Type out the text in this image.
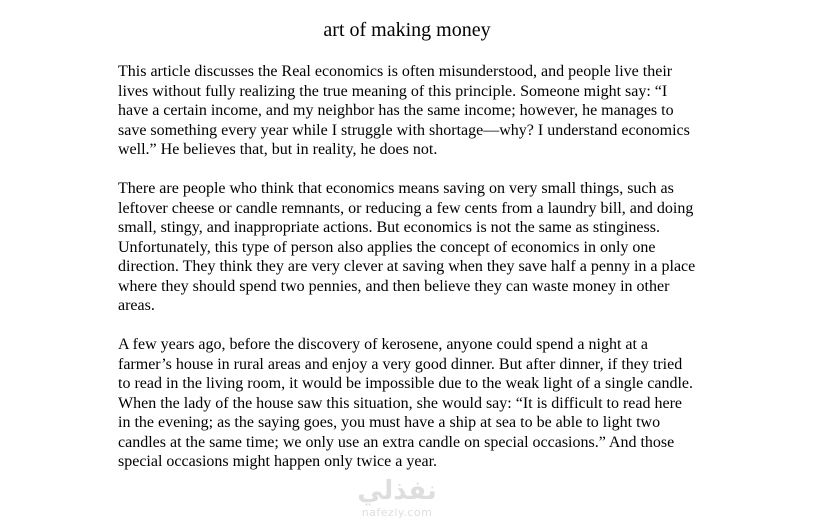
art of making money

This article discusses the Real economics is often misunderstood, and people live their lives without fully realizing the true meaning of this principle. Someone might say: “I have a certain income, and my neighbor has the same income; however, he manages to save something every year while I struggle with shortage—why? I understand economics well.” He believes that, but in reality, he does not.

There are people who think that economics means saving on very small things, such as leftover cheese or candle remnants, or reducing a few cents from a laundry bill, and doing small, stingy, and inappropriate actions. But economics is not the same as stinginess. Unfortunately, this type of person also applies the concept of economics in only one direction. They think they are very clever at saving when they save half a penny in a place where they should spend two pennies, and then believe they can waste money in other areas.

A few years ago, before the discovery of kerosene, anyone could spend a night at a farmer’s house in rural areas and enjoy a very good dinner. But after dinner, if they tried to read in the living room, it would be impossible due to the weak light of a single candle. When the lady of the house saw this situation, she would say: “It is difficult to read here in the evening; as the saying goes, you must have a ship at sea to be able to light two candles at the same time; we only use an extra candle on special occasions.” And those special occasions might happen only twice a year.

نفذلي
nafezly.com
